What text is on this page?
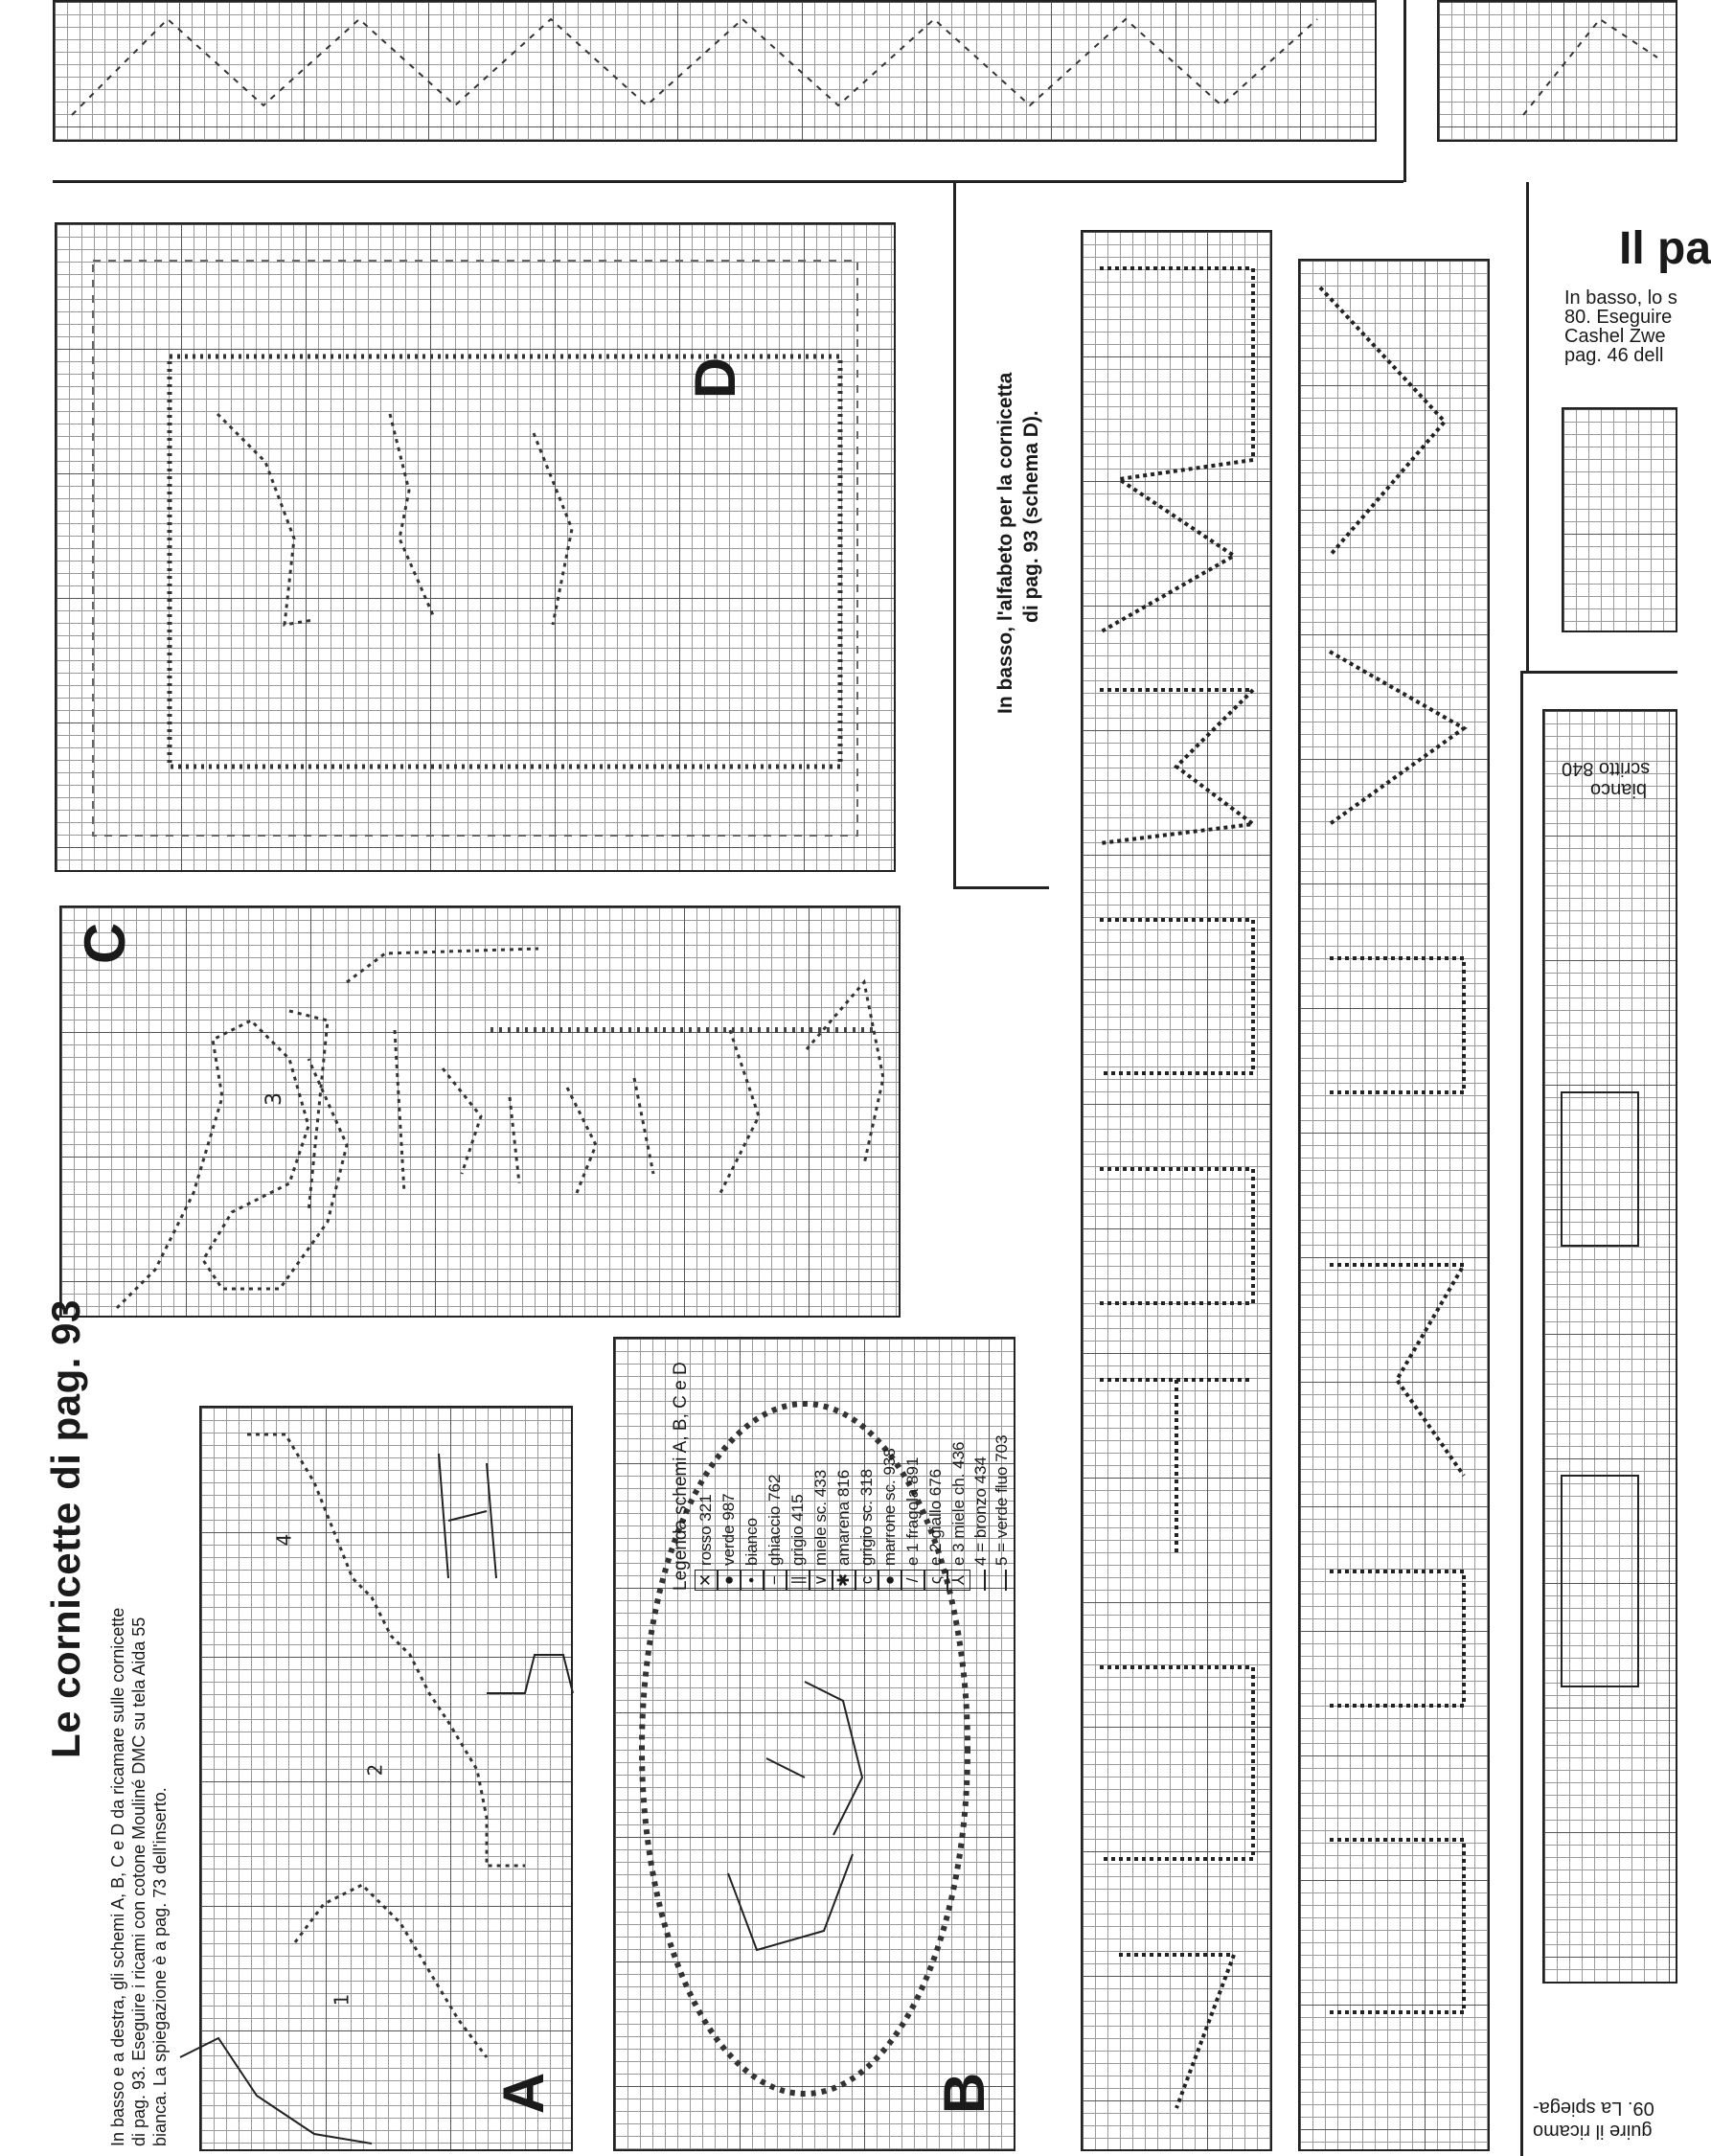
D
C
3
Le cornicette di pag. 93
In basso e a destra, gli schemi A, B, C e D da ricamare sulle cornicette di pag. 93. Eseguire i ricami con cotone Mouliné DMC su tela Aida 55 bianca. La spiegazione è a pag. 73 dell'inserto.	A
1
2
4
B
Legenda schemi A, B, C e D ✕rosso 321
●verde 987
•bianco
−ghiaccio 762
||grigio 415
∨miele sc. 433
✱amarena 816
cgrigio sc. 318
●marrone sc. 938
/e 1 fragola 891
ςe 2 giallo 676
⅄e 3 miele ch. 436 4 = bronzo 434 5 = verde fluo 703
In basso, l'alfabeto per la cornicetta di pag. 93 (schema D).
Il pa
In basso, lo s
80. Eseguire
Cashel Zwe
pag. 46 dell
bianco
scritto 840
guire il ricamo
09. La spiega-
